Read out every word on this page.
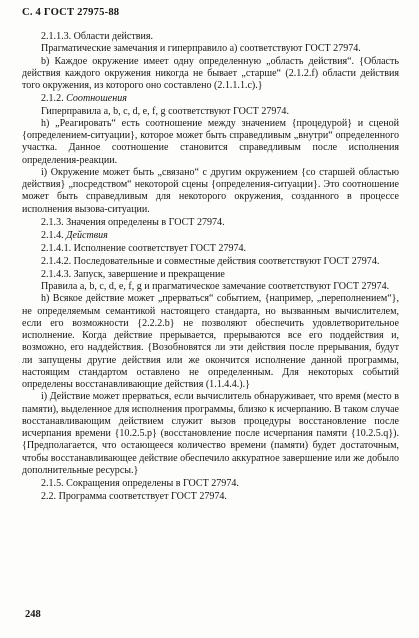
С. 4 ГОСТ 27975-88

2.1.1.3. Области действия.

Прагматические замечания и гиперправило а) соответствуют ГОСТ 27974.

b) Каждое окружение имеет одну определенную „область действия“. {Область действия каждого окружения никогда не бывает „старше“ (2.1.2.f) области действия того окружения, из которого оно составлено (2.1.1.1.c).}

2.1.2. Соотношения

Гиперправила a, b, c, d, e, f, g соответствуют ГОСТ 27974.

h) „Реагировать“ есть соотношение между значением {процедурой} и сценой {определением-ситуации}, которое может быть справедливым „внутри“ определенного участка. Данное соотношение становится справедливым после исполнения определения-реакции.

i) Окружение может быть „связано“ с другим окружением {со старшей областью действия} „посредством“ некоторой сцены {определения-ситуации}. Это соотношение может быть справедливым для некоторого окружения, созданного в процессе исполнения вызова-ситуации.

2.1.3. Значения определены в ГОСТ 27974.

2.1.4. Действия

2.1.4.1. Исполнение соответствует ГОСТ 27974.

2.1.4.2. Последовательные и совместные действия соответствуют ГОСТ 27974.

2.1.4.3. Запуск, завершение и прекращение

Правила a, b, c, d, e, f, g и прагматическое замечание соответствуют ГОСТ 27974.

h) Всякое действие может „прерваться“ событием, {например, „переполнением“}, не определяемым семантикой настоящего стандарта, но вызванным вычислителем, если его возможности {2.2.2.b} не позволяют обеспечить удовлетворительное исполнение. Когда действие прерывается, прерываются все его поддействия и, возможно, его наддействия. {Возобновятся ли эти действия после прерывания, будут ли запущены другие действия или же окончится исполнение данной программы, настоящим стандартом оставлено не определенным. Для некоторых событий определены восстанавливающие действия (1.1.4.4.).}

i) Действие может прерваться, если вычислитель обнаруживает, что время (место в памяти), выделенное для исполнения программы, близко к исчерпанию. В таком случае восстанавливающим действием служит вызов процедуры восстановление после исчерпания времени {10.2.5.p} (восстановление после исчерпания памяти {10.2.5.q}). {Предполагается, что остающееся количество времени (памяти) будет достаточным, чтобы восстанавливающее действие обеспечило аккуратное завершение или же добыло дополнительные ресурсы.}

2.1.5. Сокращения определены в ГОСТ 27974.

2.2. Программа соответствует ГОСТ 27974.

248
